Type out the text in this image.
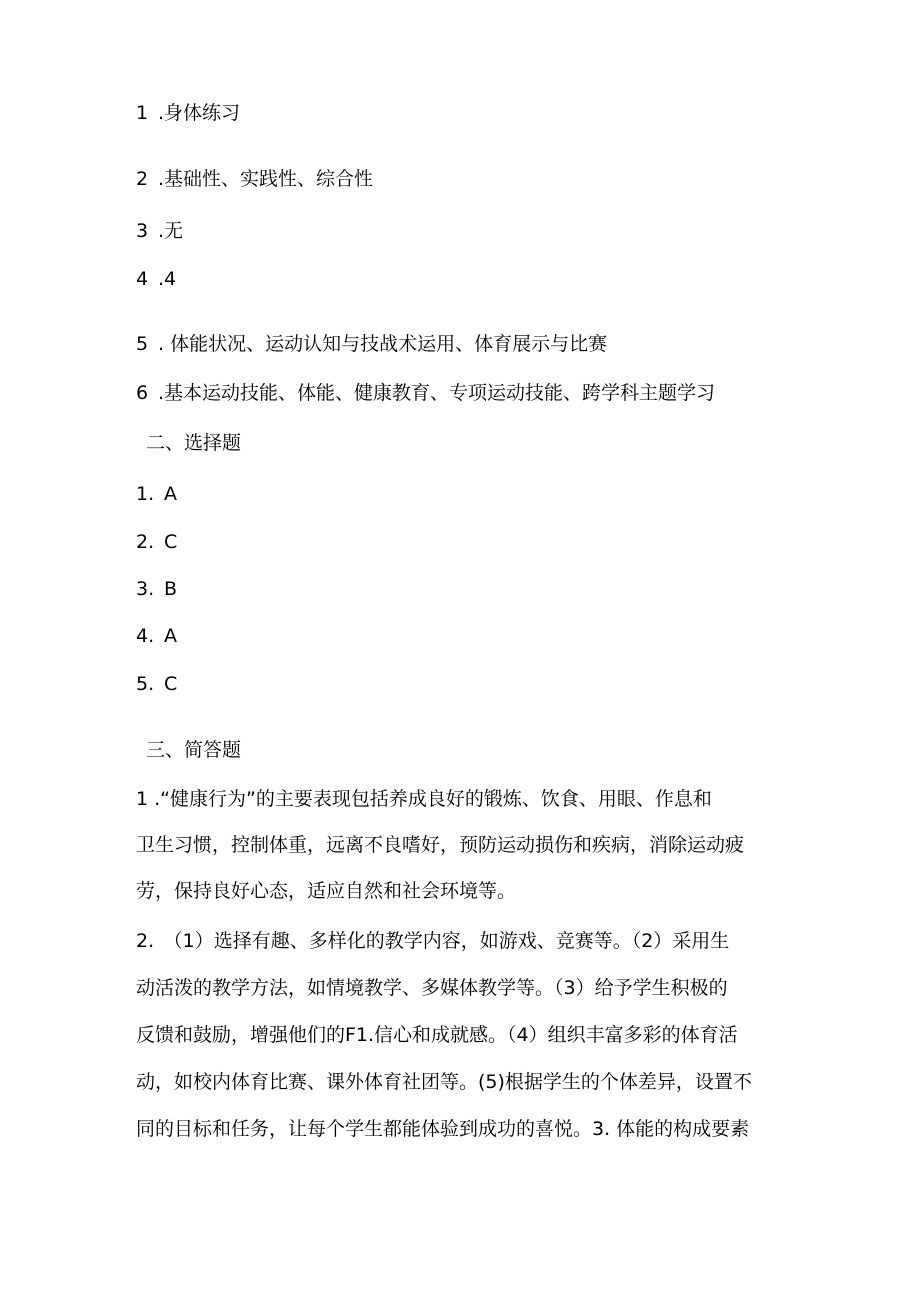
1 .身体练习
2 .基础性、实践性、综合性
3 .无
4 .4
5 . 体能状况、运动认知与技战术运用、体育展示与比赛
6 .基本运动技能、体能、健康教育、专项运动技能、跨学科主题学习
二、选择题
1. A
2. C
3. B
4. A
5. C
三、简答题
1 .“健康行为”的主要表现包括养成良好的锻炼、饮食、用眼、作息和
卫生习惯，控制体重，远离不良嗜好，预防运动损伤和疾病，消除运动疲
劳，保持良好心态，适应自然和社会环境等。
2.　（1）选择有趣、多样化的教学内容，如游戏、竞赛等。（2）采用生
动活泼的教学方法，如情境教学、多媒体教学等。（3）给予学生积极的
反馈和鼓励，增强他们的F1.信心和成就感。（4）组织丰富多彩的体育活
动，如校内体育比赛、课外体育社团等。(5)根据学生的个体差异，设置不
同的目标和任务，让每个学生都能体验到成功的喜悦。3. 体能的构成要素
